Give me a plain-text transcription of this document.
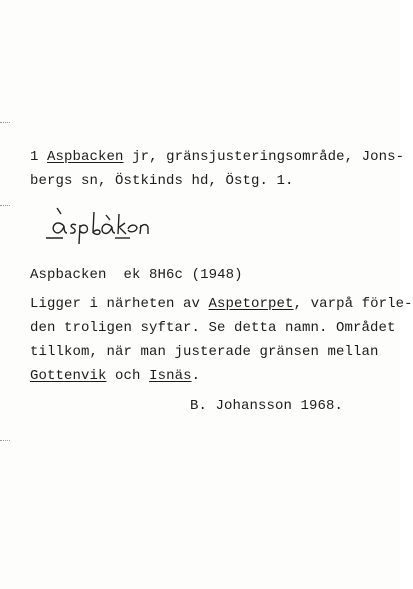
1 Aspbacken jr, gränsjusteringsområde, Jons-
bergs sn, Östkinds hd, Östg. 1.
Aspbacken ek 8H6c (1948)
Ligger i närheten av Aspetorpet, varpå förle-
den troligen syftar. Se detta namn. Området
tillkom, när man justerade gränsen mellan
Gottenvik och Isnäs.
B. Johansson 1968.
